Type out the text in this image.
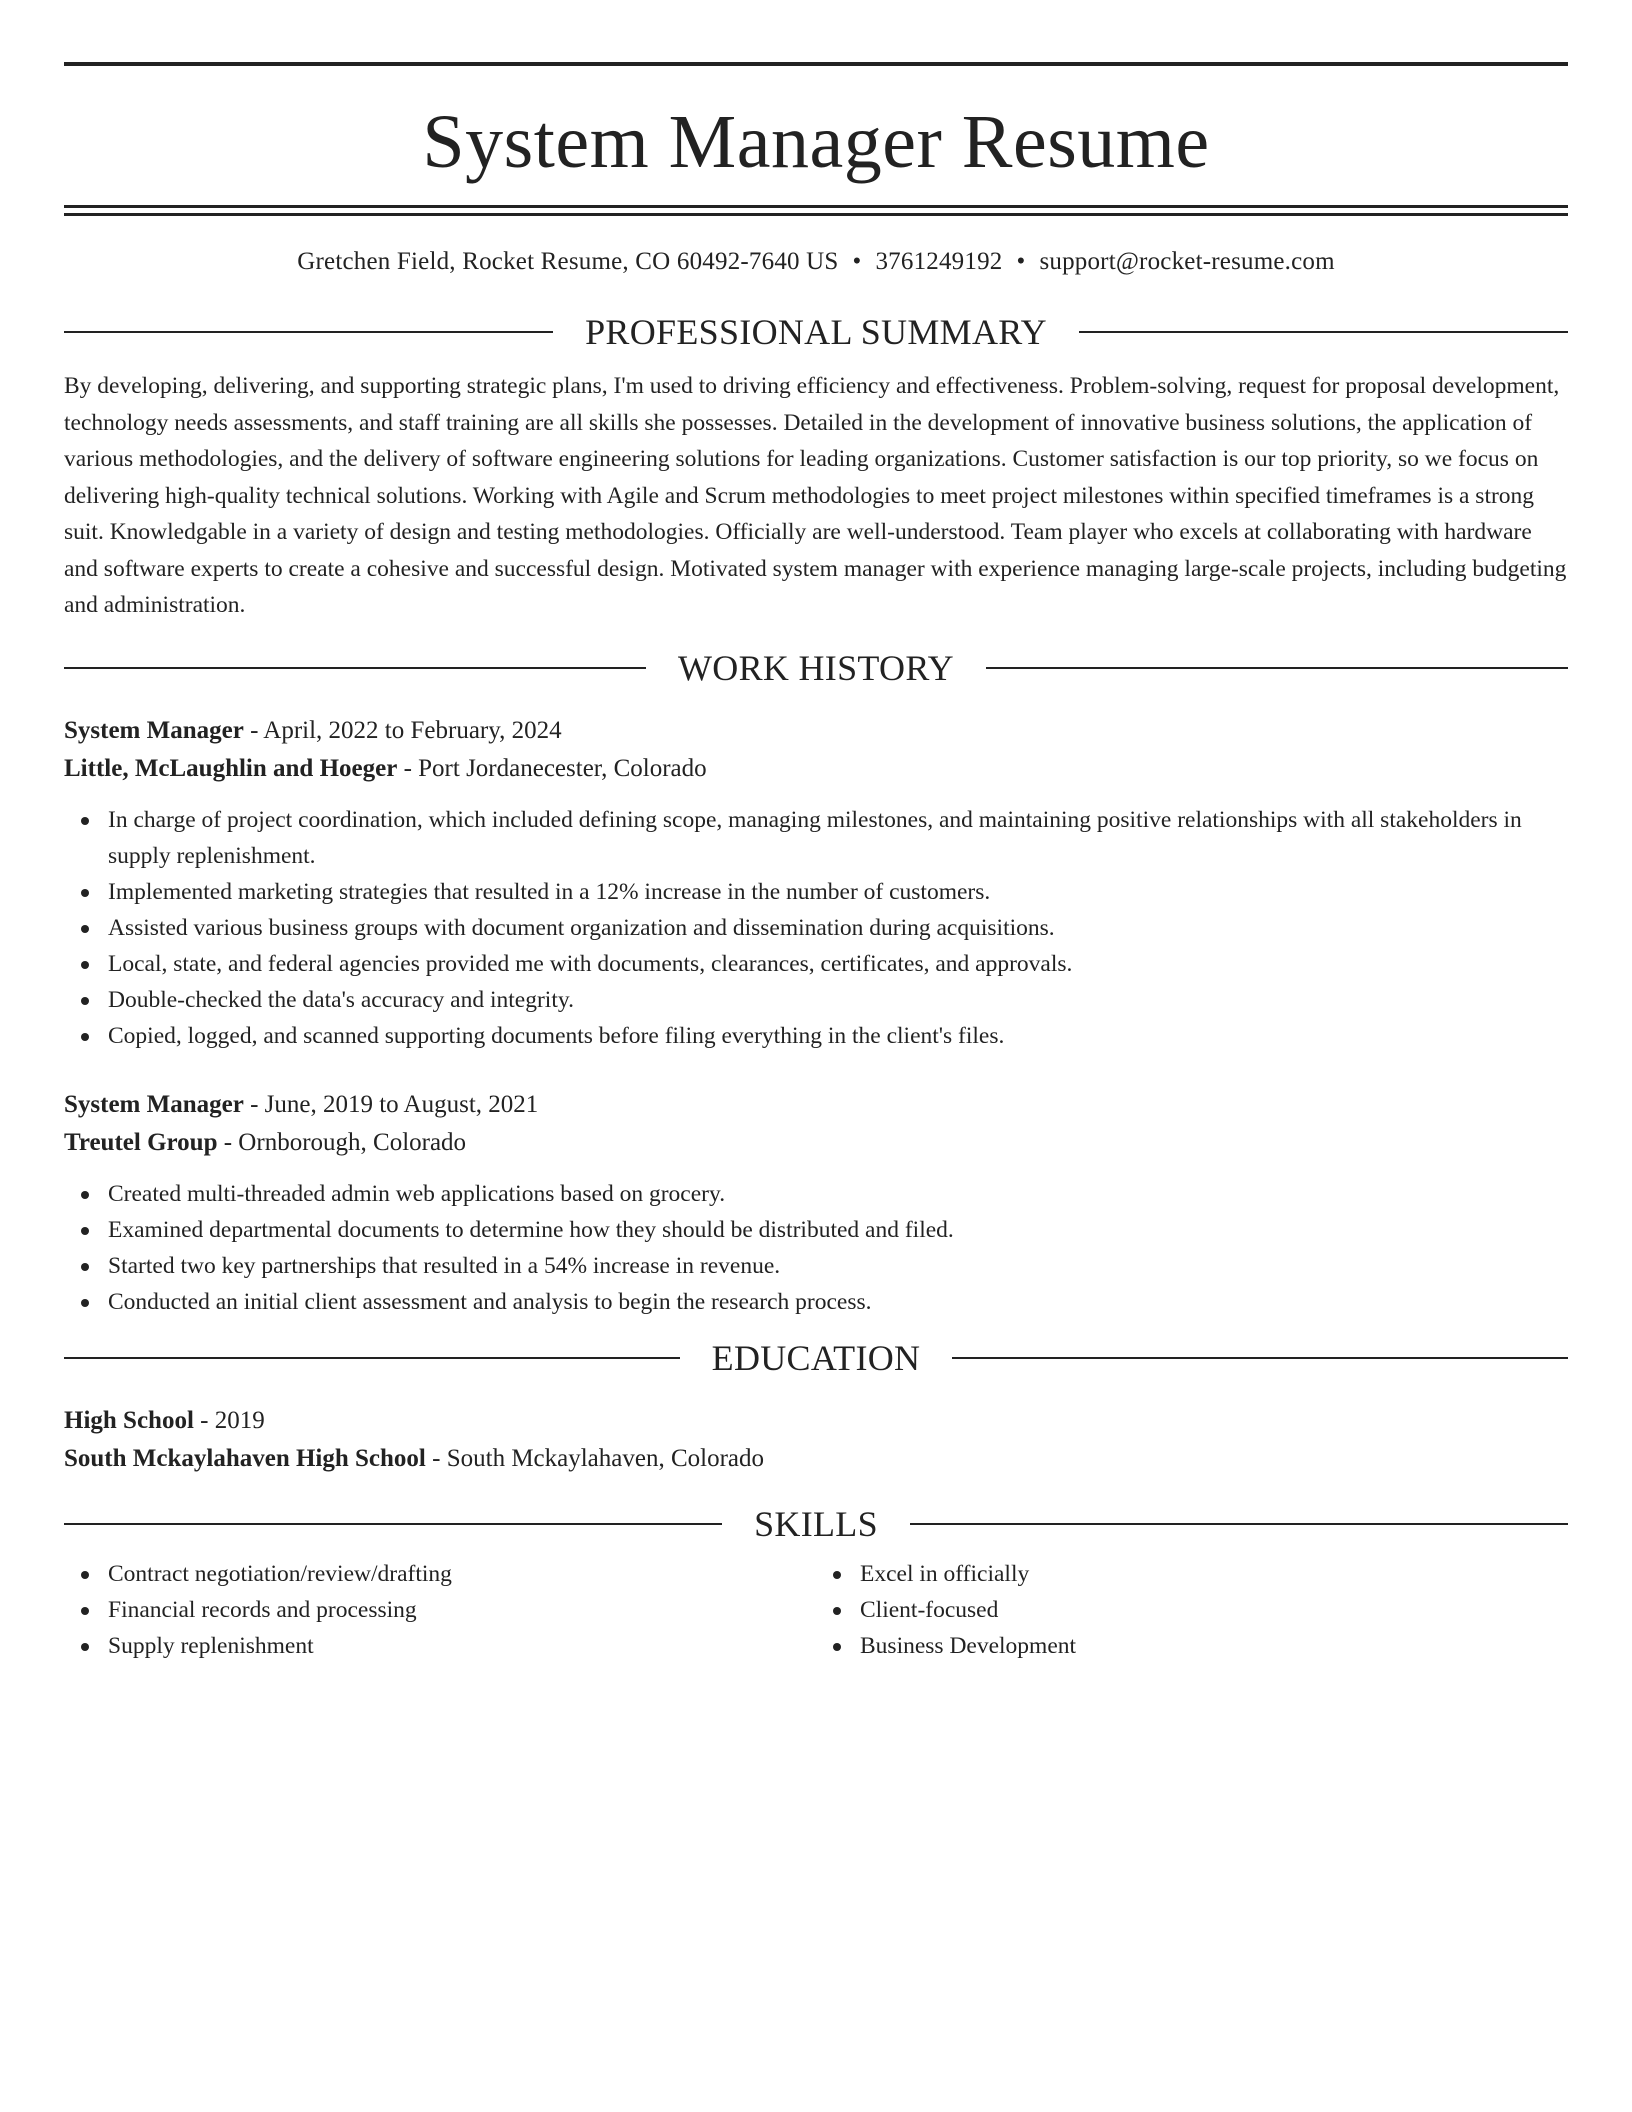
System Manager Resume
Gretchen Field, Rocket Resume, CO 60492-7640 US • 3761249192 • support@rocket-resume.com
PROFESSIONAL SUMMARY
By developing, delivering, and supporting strategic plans, I'm used to driving efficiency and effectiveness. Problem-solving, request for proposal development, technology needs assessments, and staff training are all skills she possesses. Detailed in the development of innovative business solutions, the application of various methodologies, and the delivery of software engineering solutions for leading organizations. Customer satisfaction is our top priority, so we focus on delivering high-quality technical solutions. Working with Agile and Scrum methodologies to meet project milestones within specified timeframes is a strong suit. Knowledgable in a variety of design and testing methodologies. Officially are well-understood. Team player who excels at collaborating with hardware and software experts to create a cohesive and successful design. Motivated system manager with experience managing large-scale projects, including budgeting and administration.
WORK HISTORY
System Manager - April, 2022 to February, 2024
Little, McLaughlin and Hoeger - Port Jordanecester, Colorado
In charge of project coordination, which included defining scope, managing milestones, and maintaining positive relationships with all stakeholders in supply replenishment.
Implemented marketing strategies that resulted in a 12% increase in the number of customers.
Assisted various business groups with document organization and dissemination during acquisitions.
Local, state, and federal agencies provided me with documents, clearances, certificates, and approvals.
Double-checked the data's accuracy and integrity.
Copied, logged, and scanned supporting documents before filing everything in the client's files.
System Manager - June, 2019 to August, 2021
Treutel Group - Ornborough, Colorado
Created multi-threaded admin web applications based on grocery.
Examined departmental documents to determine how they should be distributed and filed.
Started two key partnerships that resulted in a 54% increase in revenue.
Conducted an initial client assessment and analysis to begin the research process.
EDUCATION
High School - 2019
South Mckaylahaven High School - South Mckaylahaven, Colorado
SKILLS
Contract negotiation/review/drafting
Financial records and processing
Supply replenishment
Excel in officially
Client-focused
Business Development
